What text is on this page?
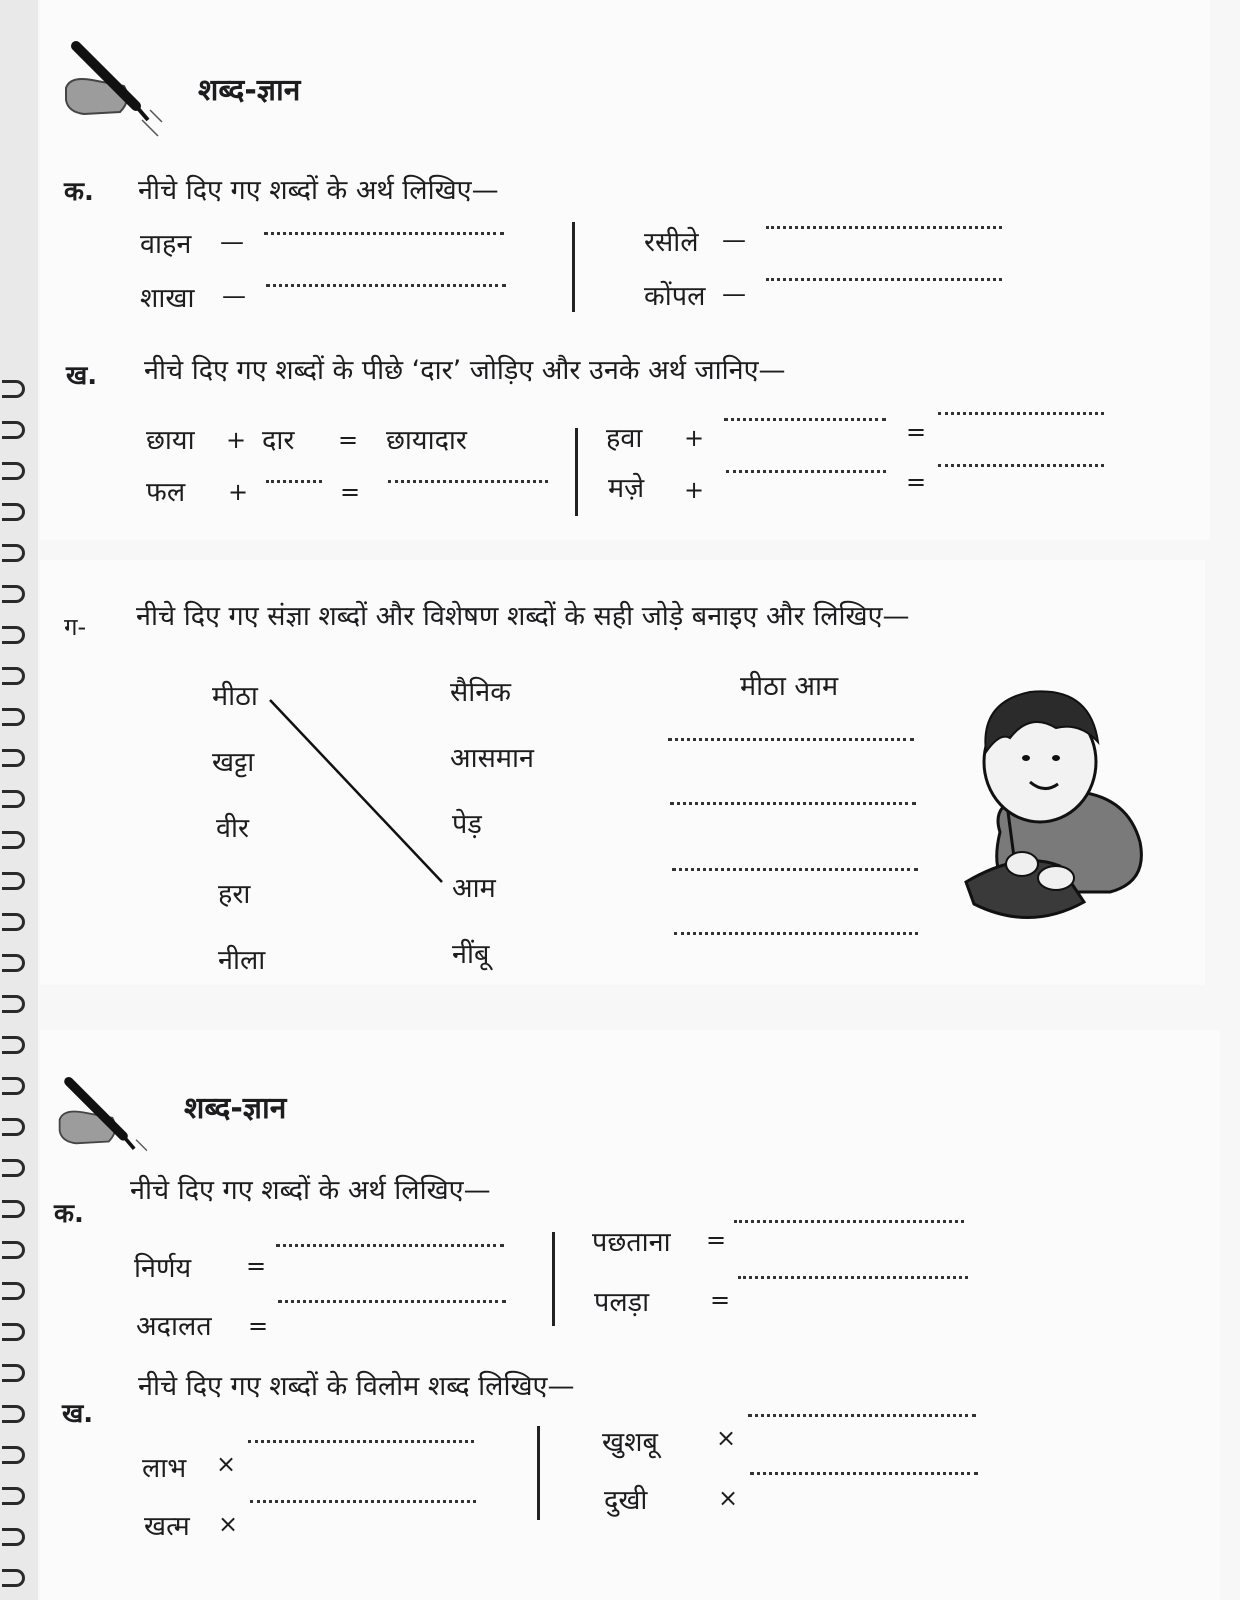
शब्द-ज्ञान
क. नीचे दिए गए शब्दों के अर्थ लिखिए—
वाहन —
शाखा —
रसीले —
कोंपल —
ख. नीचे दिए गए शब्दों के पीछे ‘दार’ जोड़िए और उनके अर्थ जानिए—
छाया + दार = छायादार
फल +	=
हवा +	=
मज़े +	=
ग- नीचे दिए गए संज्ञा शब्दों और विशेषण शब्दों के सही जोड़े बनाइए और लिखिए—
मीठा
खट्टा
वीर
हरा
नीला
सैनिक
आसमान
पेड़
आम
नींबू
मीठा आम
शब्द-ज्ञान
क.
नीचे दिए गए शब्दों के अर्थ लिखिए—
निर्णय =
अदालत =
पछताना =
पलड़ा	=
ख.
नीचे दिए गए शब्दों के विलोम शब्द लिखिए—
लाभ ×
खत्म ×
खुशबू ×
दुखी	×
